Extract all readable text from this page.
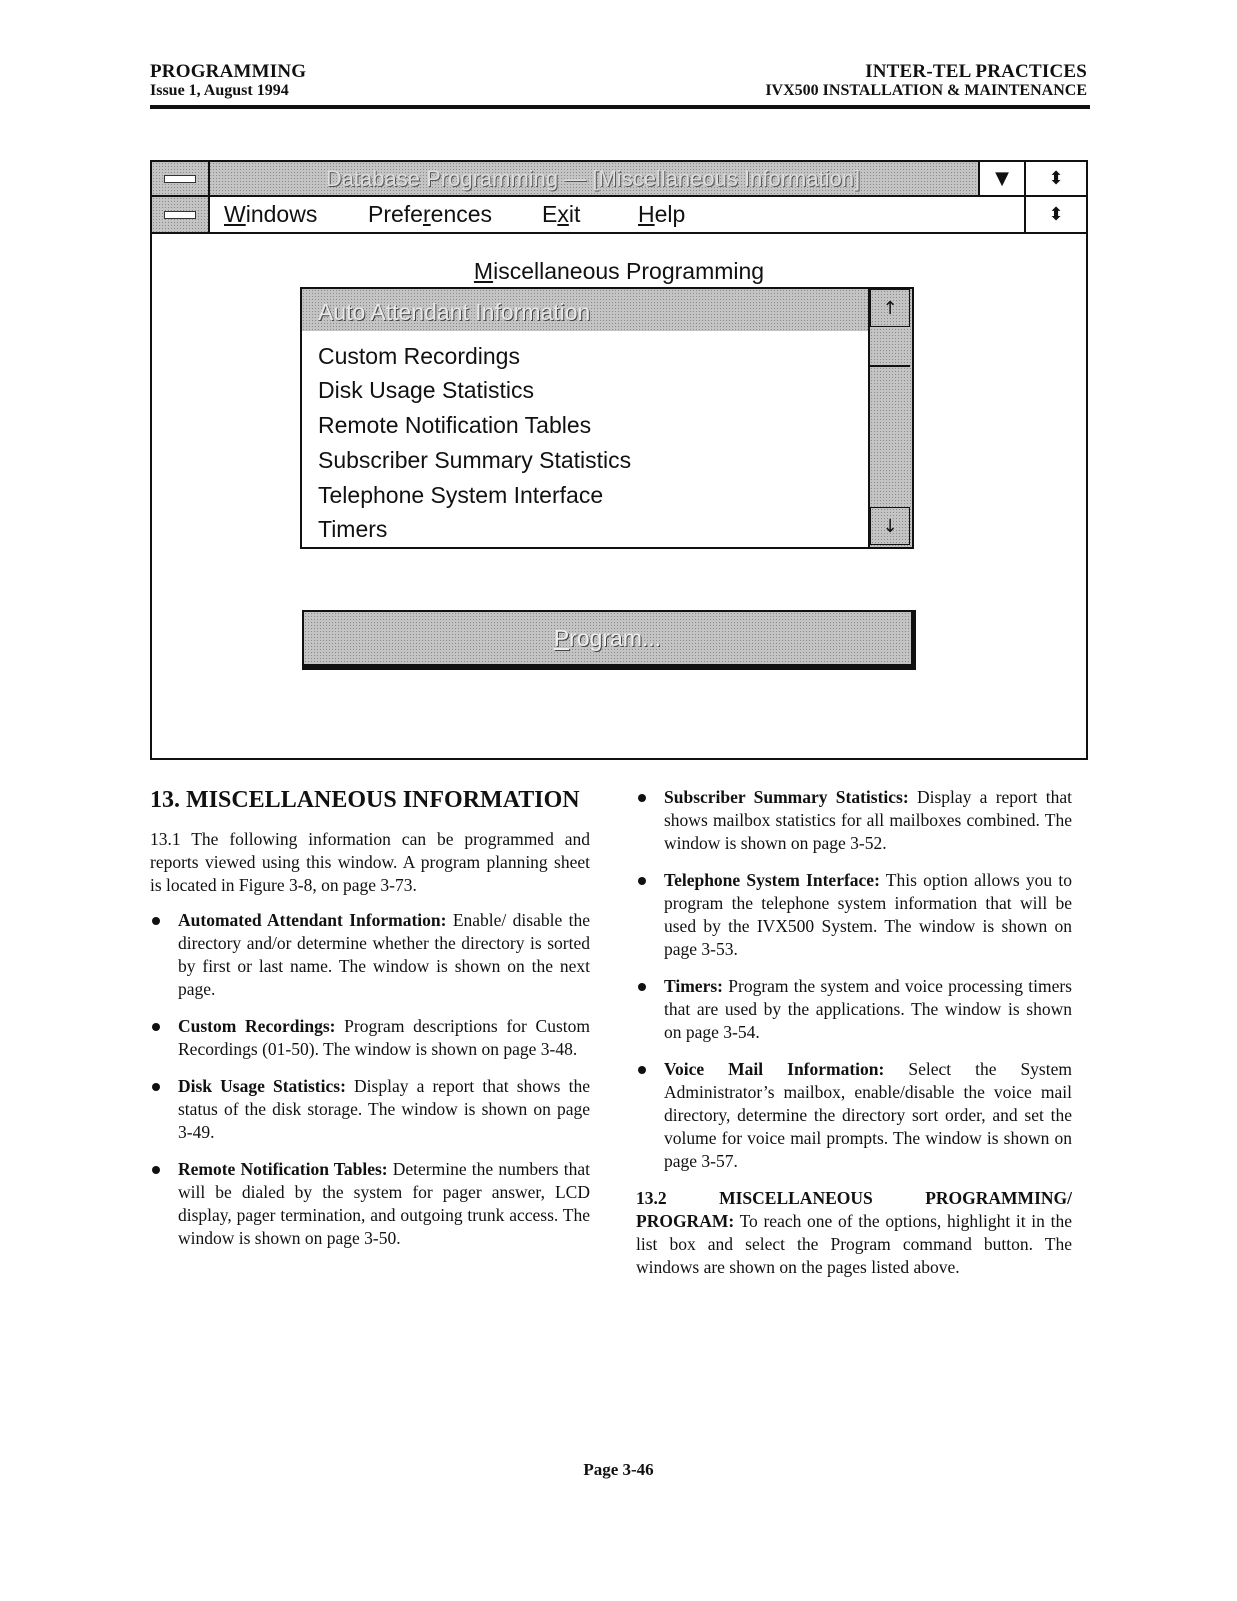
PROGRAMMING
Issue 1, August 1994
INTER-TEL PRACTICES
IVX500 INSTALLATION & MAINTENANCE
Database Programming — [Miscellaneous Information]	▼ ⬍
Windows Preferences Exit	Help	⬍
Miscellaneous Programming
Auto Attendant Information
Custom Recordings
Disk Usage Statistics
Remote Notification Tables
Subscriber Summary Statistics
Telephone System Interface
Timers
↑
↓
Program...
13. MISCELLANEOUS INFORMATION

13.1 The following information can be programmed and reports viewed using this window. A program planning sheet is located in Figure 3-8, on page 3-73.

Automated Attendant Information: Enable/ disable the directory and/or determine whether the directory is sorted by first or last name. The window is shown on the next page.
Custom Recordings: Program descriptions for Custom Recordings (01-50). The window is shown on page 3-48.
Disk Usage Statistics: Display a report that shows the status of the disk storage. The window is shown on page 3-49.
Remote Notification Tables: Determine the numbers that will be dialed by the system for pager answer, LCD display, pager termination, and outgoing trunk access. The window is shown on page 3-50.
Subscriber Summary Statistics: Display a report that shows mailbox statistics for all mailboxes combined. The window is shown on page 3-52.
Telephone System Interface: This option allows you to program the telephone system information that will be used by the IVX500 System. The window is shown on page 3-53.
Timers: Program the system and voice processing timers that are used by the applications. The window is shown on page 3-54.
Voice Mail Information: Select the System Administrator’s mailbox, enable/disable the voice mail directory, determine the directory sort order, and set the volume for voice mail prompts. The window is shown on page 3-57.

13.2 MISCELLANEOUS PROGRAMMING/ PROGRAM: To reach one of the options, highlight it in the list box and select the Program command button. The windows are shown on the pages listed above.

Page 3-46
